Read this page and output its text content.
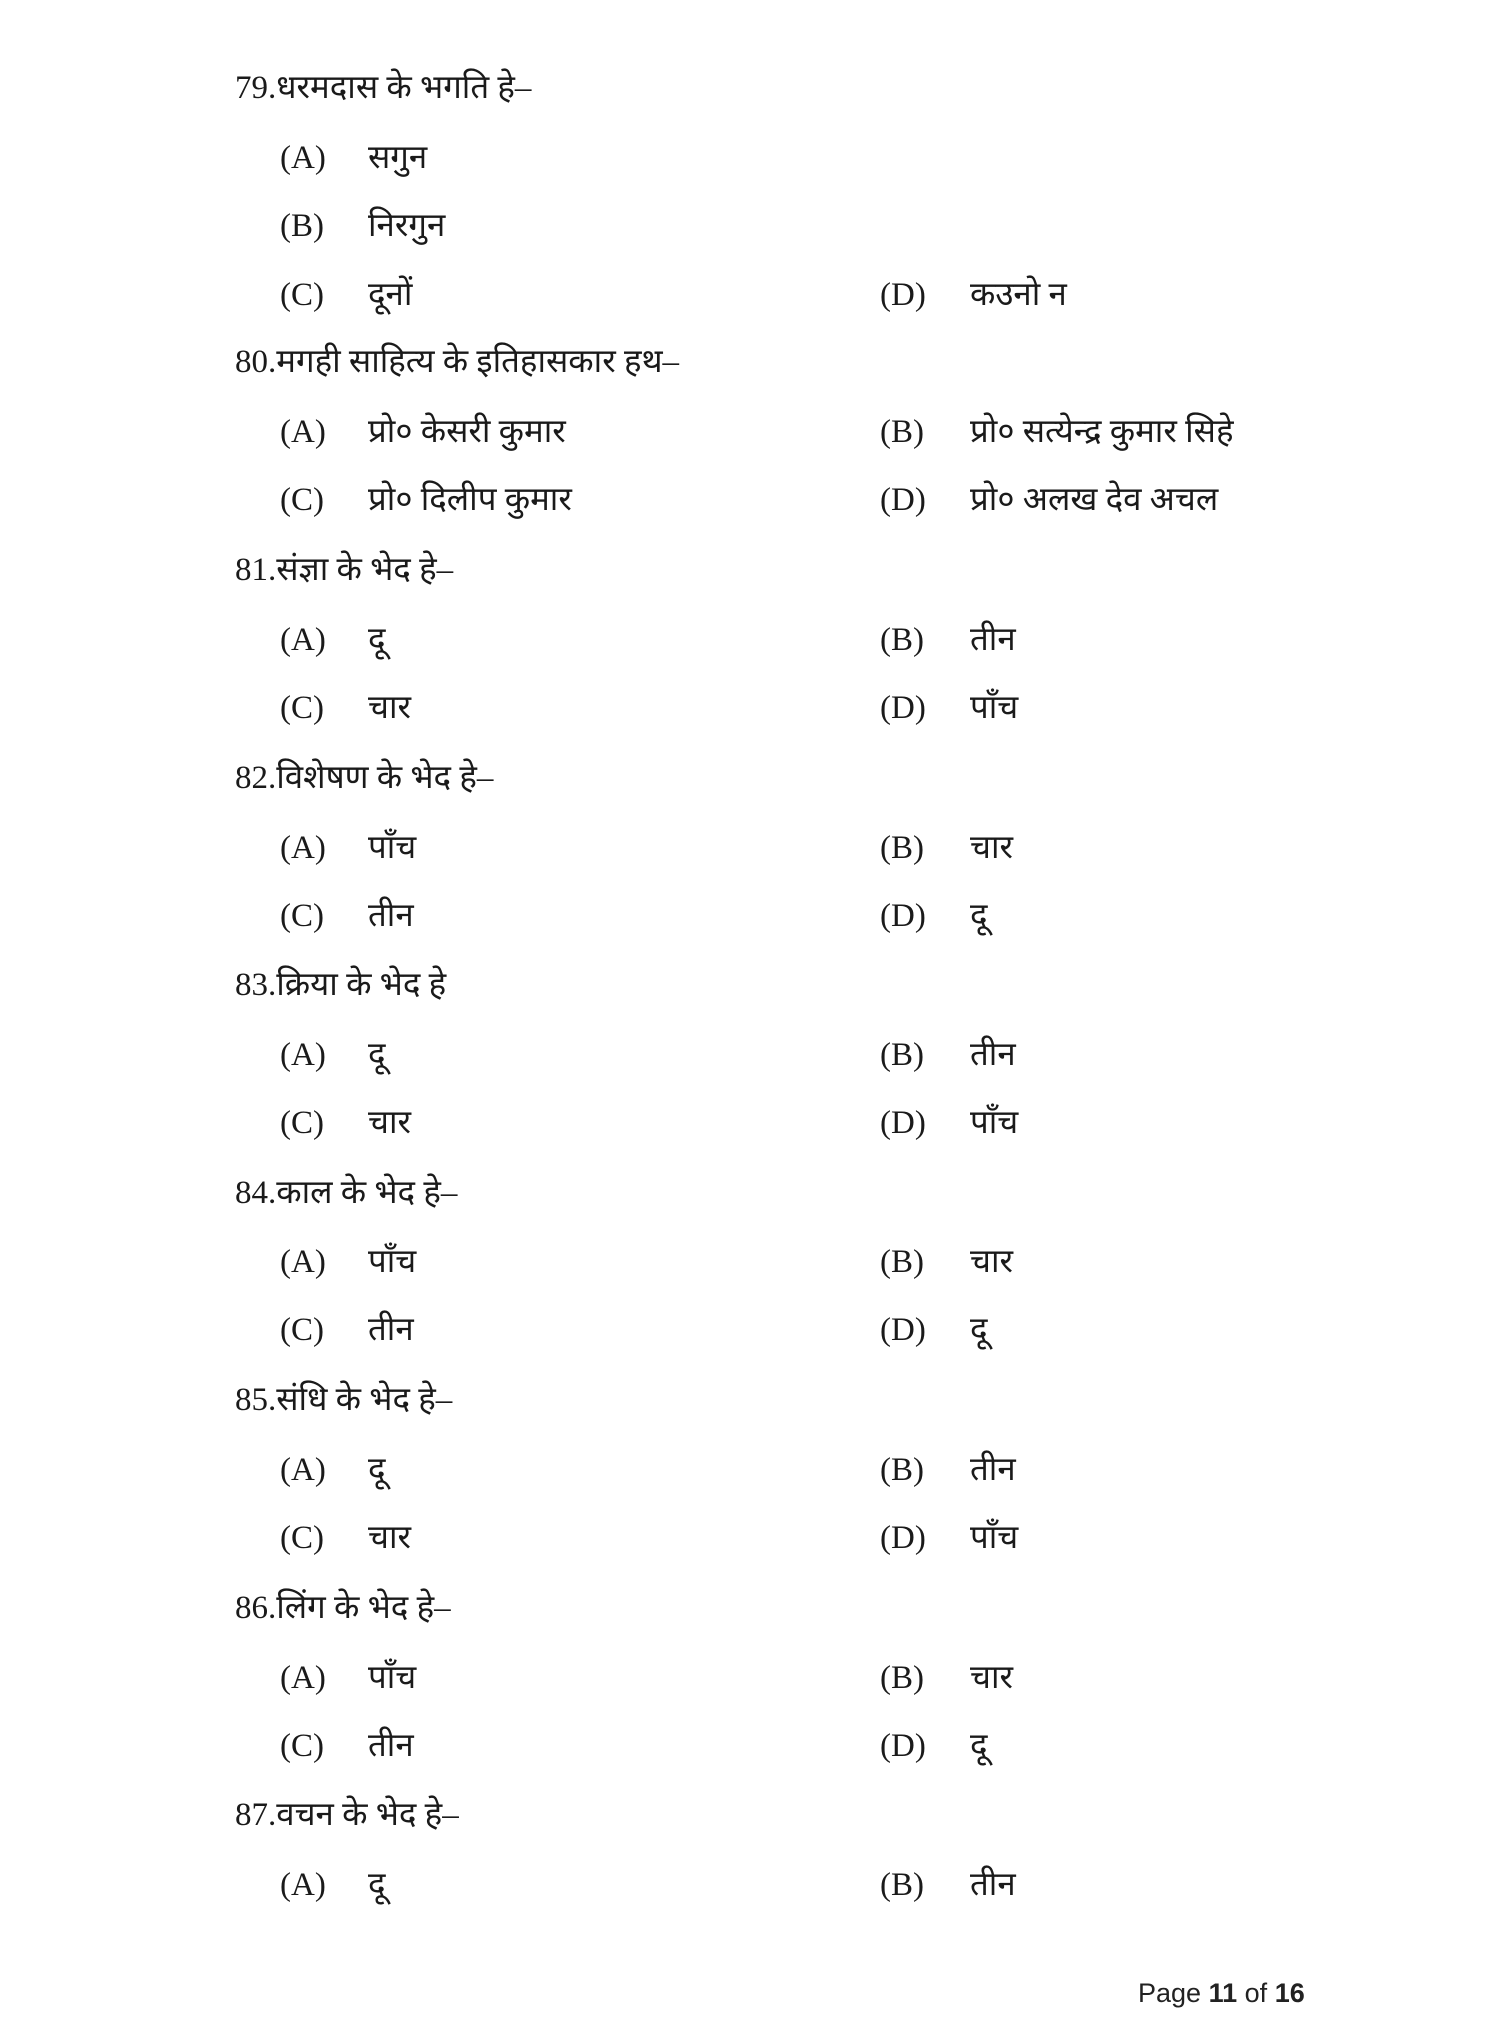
79.धरमदास के भगति हे–
(A) सगुन
(B) निरगुन
(C) दूनों	(D) कउनो न
80.मगही साहित्य के इतिहासकार हथ–
(A) प्रो० केसरी कुमार	(B) प्रो० सत्येन्द्र कुमार सिहे
(C) प्रो० दिलीप कुमार	(D) प्रो० अलख देव अचल
81.संज्ञा के भेद हे–
(A) दू	(B) तीन
(C) चार	(D) पाँच
82.विशेषण के भेद हे–
(A) पाँच	(B) चार
(C) तीन	(D) दू
83.क्रिया के भेद हे
(A) दू	(B) तीन
(C) चार	(D) पाँच
84.काल के भेद हे–
(A) पाँच	(B) चार
(C) तीन	(D) दू
85.संधि के भेद हे–
(A) दू	(B) तीन
(C) चार	(D) पाँच
86.लिंग के भेद हे–
(A) पाँच	(B) चार
(C) तीन	(D) दू
87.वचन के भेद हे–
(A) दू	(B) तीन
Page 11 of 16
